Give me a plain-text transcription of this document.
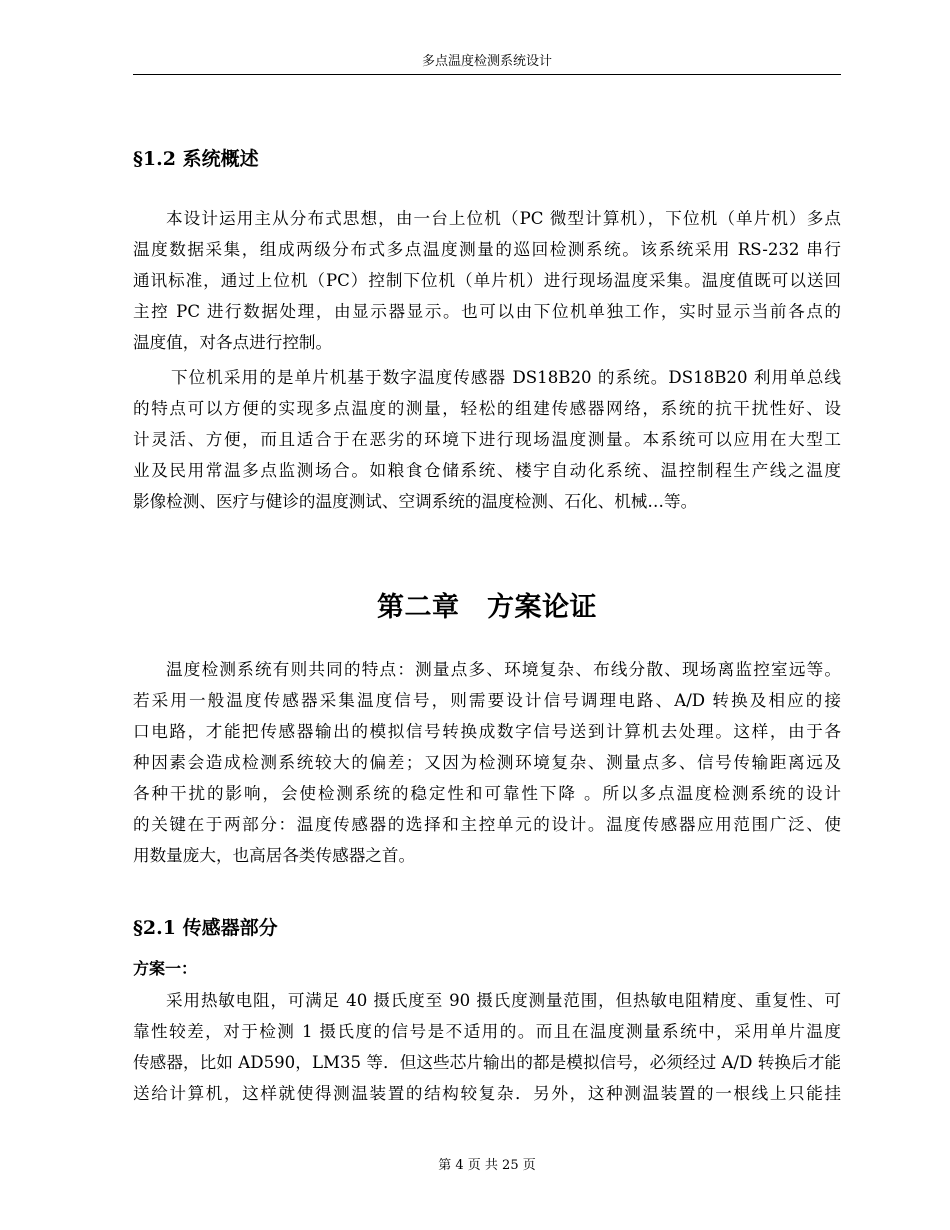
多点温度检测系统设计
§1.2 系统概述
本设计运用主从分布式思想，由一台上位机（PC 微型计算机），下位机（单片机）多点
温度数据采集，组成两级分布式多点温度测量的巡回检测系统。该系统采用 RS-232 串行
通讯标准，通过上位机（PC）控制下位机（单片机）进行现场温度采集。温度值既可以送回
主控 PC 进行数据处理，由显示器显示。也可以由下位机单独工作，实时显示当前各点的
温度值，对各点进行控制。
下位机采用的是单片机基于数字温度传感器 DS18B20 的系统。DS18B20 利用单总线
的特点可以方便的实现多点温度的测量，轻松的组建传感器网络，系统的抗干扰性好、设
计灵活、方便，而且适合于在恶劣的环境下进行现场温度测量。本系统可以应用在大型工
业及民用常温多点监测场合。如粮食仓储系统、楼宇自动化系统、温控制程生产线之温度
影像检测、医疗与健诊的温度测试、空调系统的温度检测、石化、机械…等。
第二章　方案论证
温度检测系统有则共同的特点：测量点多、环境复杂、布线分散、现场离监控室远等。
若采用一般温度传感器采集温度信号，则需要设计信号调理电路、A/D 转换及相应的接
口电路，才能把传感器输出的模拟信号转换成数字信号送到计算机去处理。这样，由于各
种因素会造成检测系统较大的偏差；又因为检测环境复杂、测量点多、信号传输距离远及
各种干扰的影响，会使检测系统的稳定性和可靠性下降 。所以多点温度检测系统的设计
的关键在于两部分：温度传感器的选择和主控单元的设计。温度传感器应用范围广泛、使
用数量庞大，也高居各类传感器之首。
§2.1 传感器部分
方案一：
采用热敏电阻，可满足 40 摄氏度至 90 摄氏度测量范围，但热敏电阻精度、重复性、可
靠性较差，对于检测 1 摄氏度的信号是不适用的。而且在温度测量系统中，采用单片温度
传感器，比如 AD590，LM35 等．但这些芯片输出的都是模拟信号，必须经过 A/D 转换后才能
送给计算机，这样就使得测温装置的结构较复杂．另外，这种测温装置的一根线上只能挂
第 4 页 共 25 页
